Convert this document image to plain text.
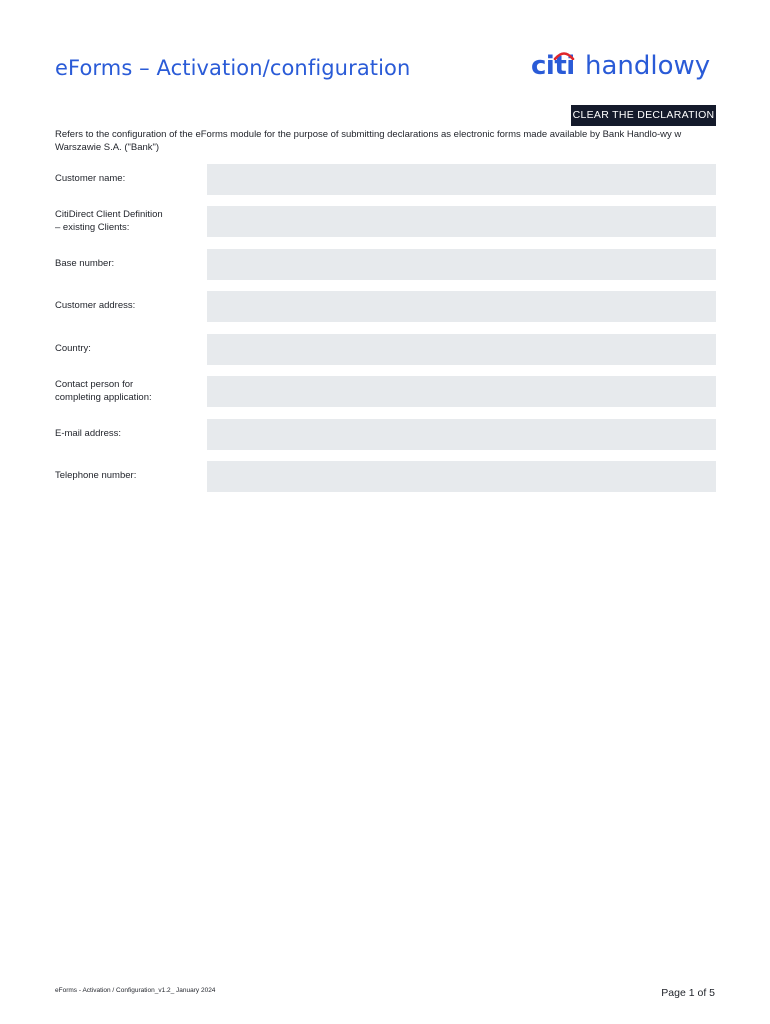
eForms – Activation/configuration	citi handlowy
CLEAR THE DECLARATION

Refers to the configuration of the eForms module for the purpose of submitting declarations as electronic forms made available by Bank Handlo-wy w Warszawie S.A. ("Bank")

Customer name:
CitiDirect Client Definition
– existing Clients:
Base number:
Customer address:
Country:
Contact person for
completing application:
E-mail address:
Telephone number:
eForms - Activation / Configuration_v1.2_ January 2024	Page 1 of 5
